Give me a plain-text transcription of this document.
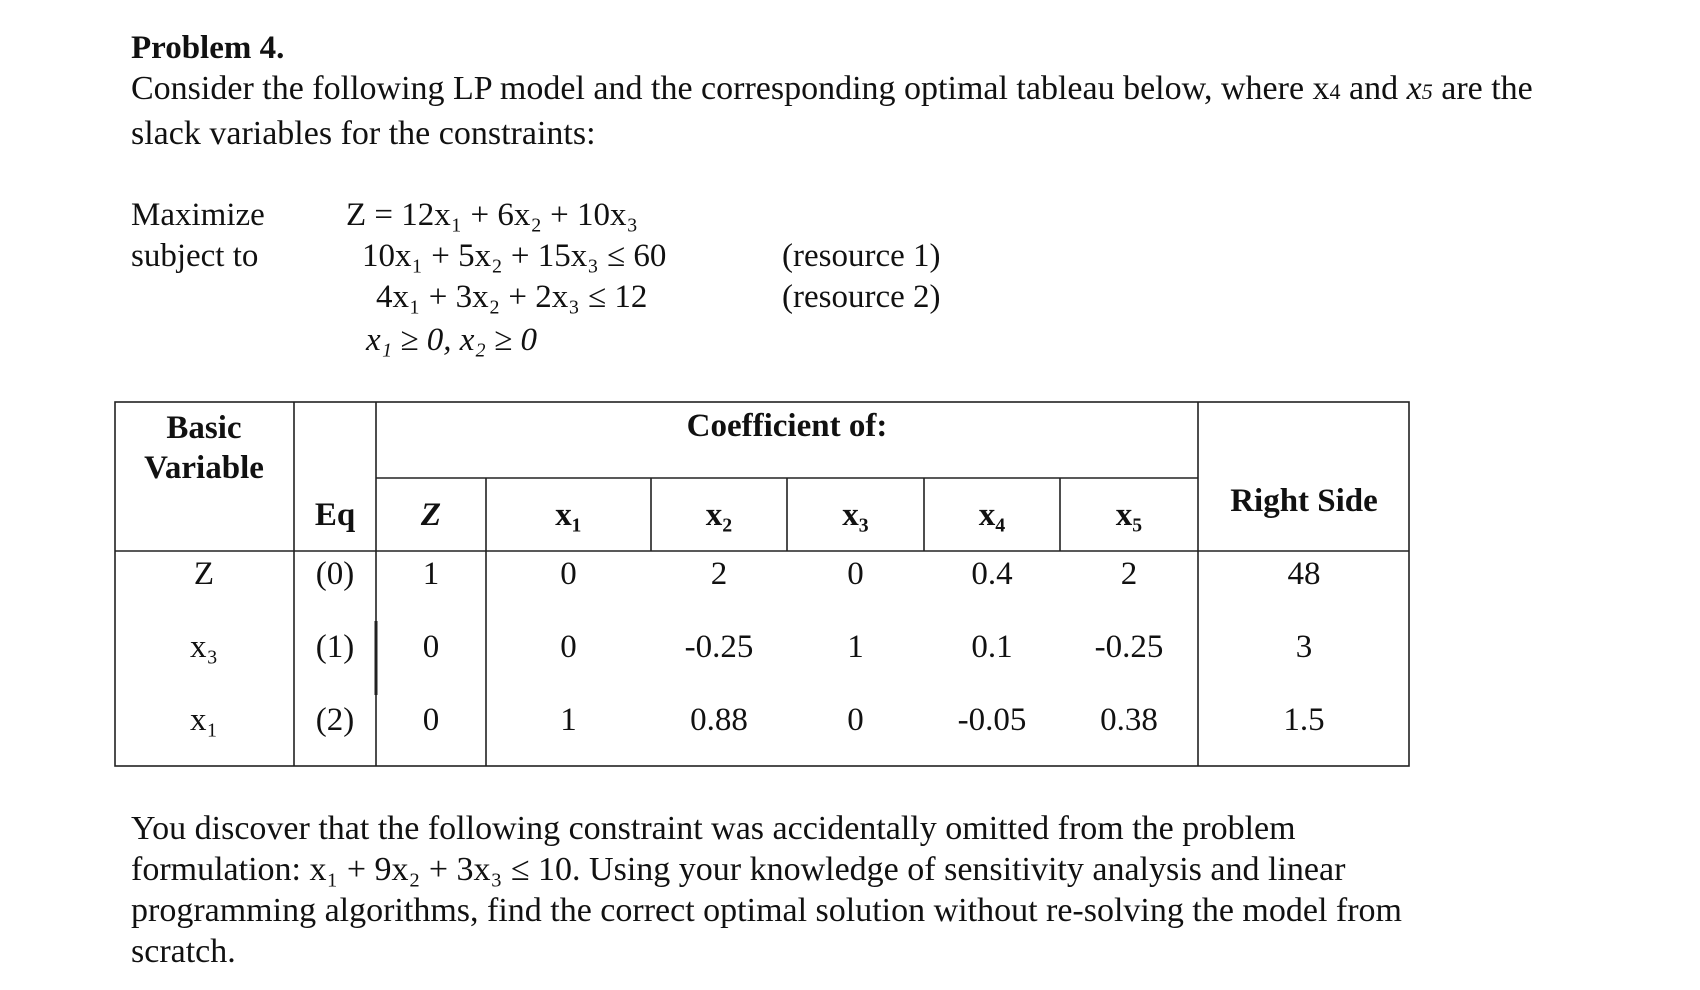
Problem 4.
Consider the following LP model and the corresponding optimal tableau below, where x4 and x5 are the slack variables for the constraints:
Maximize
subject to
Z = 12x₁ + 6x₂ + 10x₃
10x₁ + 5x₂ + 15x₃ ≤ 60	(resource 1)
4x₁ + 3x₂ + 2x₃ ≤ 12	(resource 2)
x₁ ≥ 0, x₂ ≥ 0
Basic
Variable
Eq
Coefficient of:
Z	x₁	x₂	x₃	x₄	x₅	Right Side
Z	(0)	1	0	2	0	0.4	2	48
x₃	(1)	0	0	-0.25	1	0.1	-0.25	3
x₁	(2)	0	1	0.88	0	-0.05	0.38	1.5
You discover that the following constraint was accidentally omitted from the problem
formulation: x₁ + 9x₂ + 3x₃ ≤ 10. Using your knowledge of sensitivity analysis and linear
programming algorithms, find the correct optimal solution without re-solving the model from
scratch.
